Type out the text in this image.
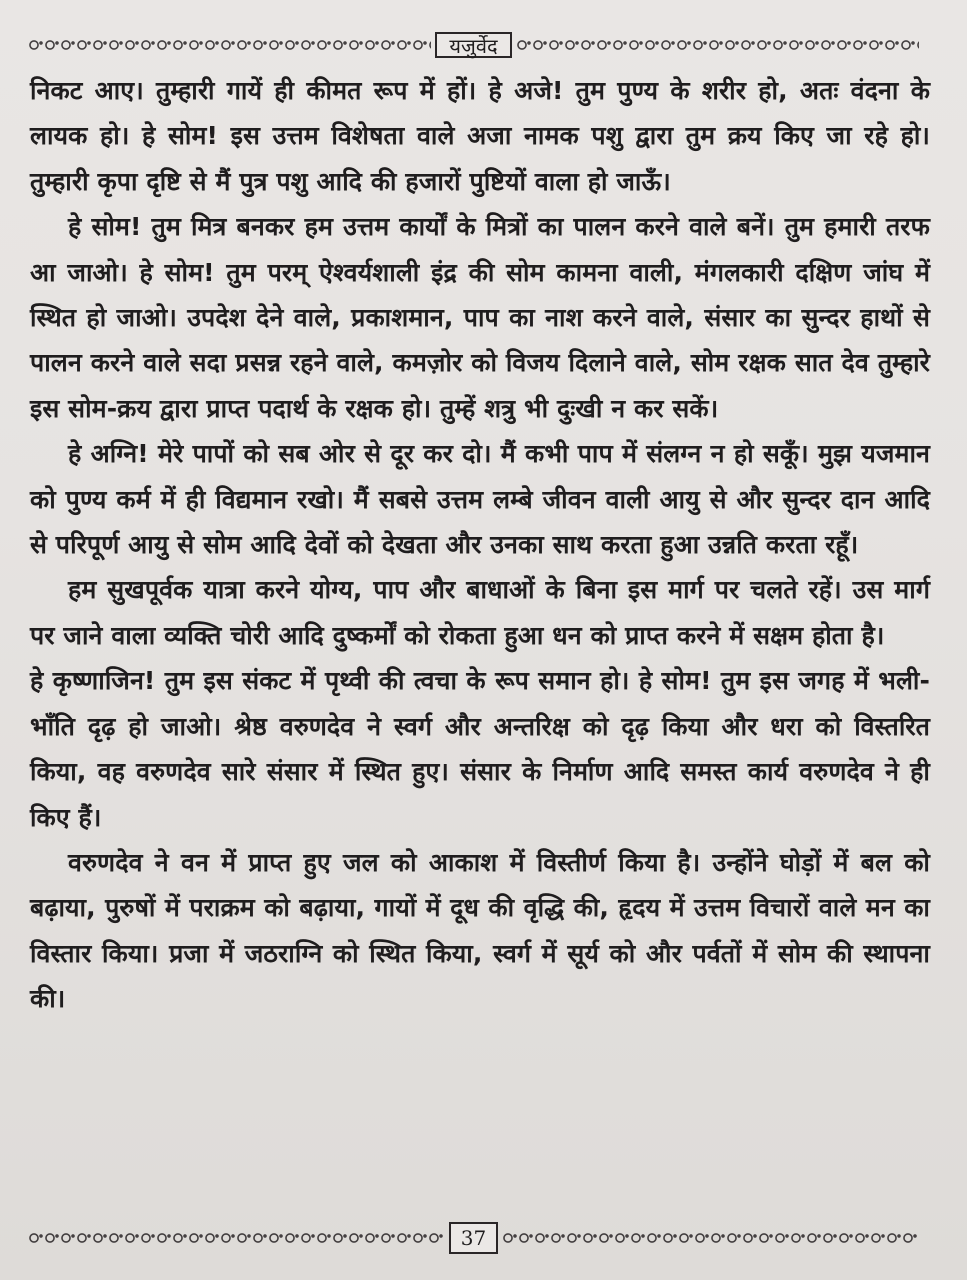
यजुर्वेद

निकट आए। तुम्हारी गायें ही कीमत रूप में हों। हे अजे! तुम पुण्य के शरीर हो, अतः वंदना के लायक हो। हे सोम! इस उत्तम विशेषता वाले अजा नामक पशु द्वारा तुम क्रय किए जा रहे हो। तुम्हारी कृपा दृष्टि से मैं पुत्र पशु आदि की हजारों पुष्टियों वाला हो जाऊँ।

हे सोम! तुम मित्र बनकर हम उत्तम कार्यों के मित्रों का पालन करने वाले बनें। तुम हमारी तरफ आ जाओ। हे सोम! तुम परम् ऐश्वर्यशाली इंद्र की सोम कामना वाली, मंगलकारी दक्षिण जांघ में स्थित हो जाओ। उपदेश देने वाले, प्रकाशमान, पाप का नाश करने वाले, संसार का सुन्दर हाथों से पालन करने वाले सदा प्रसन्न रहने वाले, कमज़ोर को विजय दिलाने वाले, सोम रक्षक सात देव तुम्हारे इस सोम-क्रय द्वारा प्राप्त पदार्थ के रक्षक हो। तुम्हें शत्रु भी दुःखी न कर सकें।

हे अग्नि! मेरे पापों को सब ओर से दूर कर दो। मैं कभी पाप में संलग्न न हो सकूँ। मुझ यजमान को पुण्य कर्म में ही विद्यमान रखो। मैं सबसे उत्तम लम्बे जीवन वाली आयु से और सुन्दर दान आदि से परिपूर्ण आयु से सोम आदि देवों को देखता और उनका साथ करता हुआ उन्नति करता रहूँ।

हम सुखपूर्वक यात्रा करने योग्य, पाप और बाधाओं के बिना इस मार्ग पर चलते रहें। उस मार्ग पर जाने वाला व्यक्ति चोरी आदि दुष्कर्मों को रोकता हुआ धन को प्राप्त करने में सक्षम होता है।

हे कृष्णाजिन! तुम इस संकट में पृथ्वी की त्वचा के रूप समान हो। हे सोम! तुम इस जगह में भली-भाँति दृढ़ हो जाओ। श्रेष्ठ वरुणदेव ने स्वर्ग और अन्तरिक्ष को दृढ़ किया और धरा को विस्तरित किया, वह वरुणदेव सारे संसार में स्थित हुए। संसार के निर्माण आदि समस्त कार्य वरुणदेव ने ही किए हैं।

वरुणदेव ने वन में प्राप्त हुए जल को आकाश में विस्तीर्ण किया है। उन्होंने घोड़ों में बल को बढ़ाया, पुरुषों में पराक्रम को बढ़ाया, गायों में दूध की वृद्धि की, हृदय में उत्तम विचारों वाले मन का विस्तार किया। प्रजा में जठराग्नि को स्थित किया, स्वर्ग में सूर्य को और पर्वतों में सोम की स्थापना की।

37
